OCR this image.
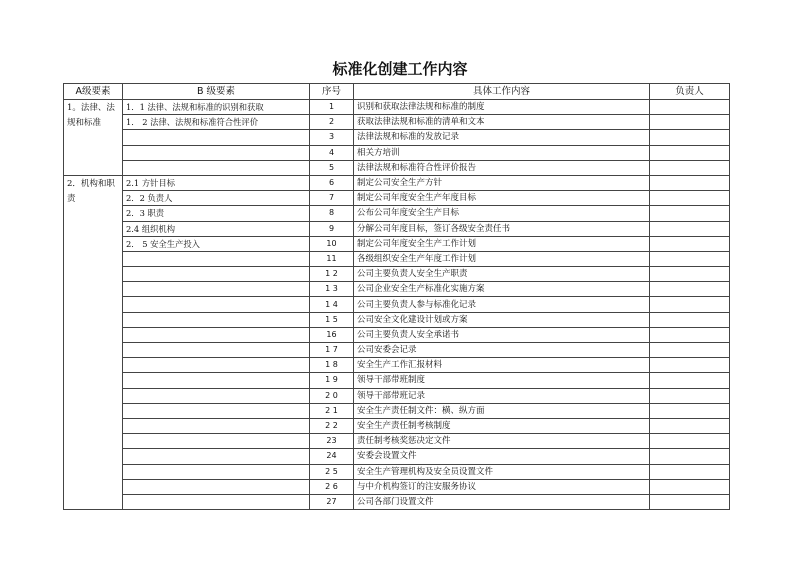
标准化创建工作内容
A级要素	B 级要素	序号	具体工作内容	负责人
1。法律、法规和标准	1．1 法律、法规和标准的识别和获取	1	识别和获取法律法规和标准的制度	
	1． 2 法律、法规和标准符合性评价	2	获取法律法规和标准的清单和文本	
		3	法律法规和标准的发放记录	
		4	相关方培训	
		5	法律法规和标准符合性评价报告	
2．机构和职责	2.1 方针目标	6	制定公司安全生产方针	
	2．2 负责人	7	制定公司年度安全生产年度目标	
	2．3 职责	8	公布公司年度安全生产目标	
	2.4 组织机构	9	分解公司年度目标，签订各级安全责任书	
	2． 5 安全生产投入	10	制定公司年度安全生产工作计划	
		11	各级组织安全生产年度工作计划	
		1 2	公司主要负责人安全生产职责	
		1 3	公司企业安全生产标准化实施方案	
		1 4	公司主要负责人参与标准化记录	
		1 5	公司安全文化建设计划或方案	
		16	公司主要负责人安全承诺书	
		1 7	公司安委会记录	
		1 8	安全生产工作汇报材料	
		1 9	领导干部带班制度	
		2 0	领导干部带班记录	
		2 1	安全生产责任制文件：横、纵方面	
		2 2	安全生产责任制考核制度	
		23	责任制考核奖惩决定文件	
		24	安委会设置文件	
		2 5	安全生产管理机构及安全员设置文件	
		2 6	与中介机构签订的注安服务协议	
		27	公司各部门设置文件	
